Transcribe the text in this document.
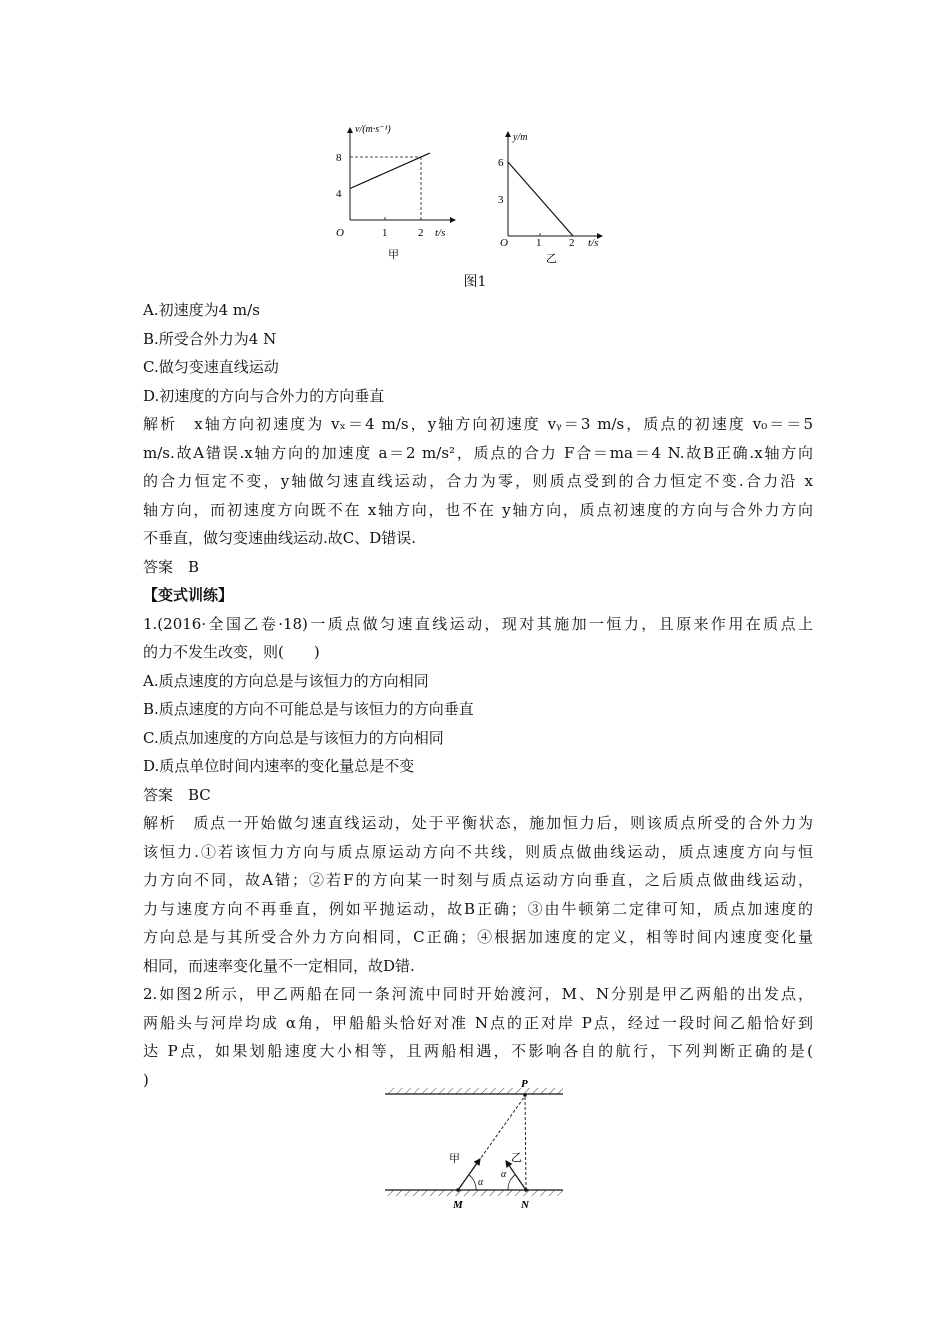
v/(m·s⁻¹)
8
4
O	1	2 t/s
甲
y/m
6
3
O	1	2 t/s
乙
图1
A.初速度为4 m/s
B.所受合外力为4 N
C.做匀变速直线运动
D.初速度的方向与合外力的方向垂直
解析　x轴方向初速度为 vₓ＝4 m/s，y轴方向初速度 vᵧ＝3 m/s，质点的初速度 v₀＝＝5
m/s.故A错误.x轴方向的加速度 a＝2 m/s²，质点的合力 F合＝ma＝4 N.故B正确.x轴方向
的合力恒定不变，y轴做匀速直线运动，合力为零，则质点受到的合力恒定不变.合力沿 x
轴方向，而初速度方向既不在 x轴方向，也不在 y轴方向，质点初速度的方向与合外力方向
不垂直，做匀变速曲线运动.故C、D错误.
答案　B
【变式训练】
1.(2016·全国乙卷·18)一质点做匀速直线运动，现对其施加一恒力，且原来作用在质点上
的力不发生改变，则(　　)
A.质点速度的方向总是与该恒力的方向相同
B.质点速度的方向不可能总是与该恒力的方向垂直
C.质点加速度的方向总是与该恒力的方向相同
D.质点单位时间内速率的变化量总是不变
答案　BC
解析　质点一开始做匀速直线运动，处于平衡状态，施加恒力后，则该质点所受的合外力为
该恒力.①若该恒力方向与质点原运动方向不共线，则质点做曲线运动，质点速度方向与恒
力方向不同，故A错；②若F的方向某一时刻与质点运动方向垂直，之后质点做曲线运动，
力与速度方向不再垂直，例如平抛运动，故B正确；③由牛顿第二定律可知，质点加速度的
方向总是与其所受合外力方向相同，C正确；④根据加速度的定义，相等时间内速度变化量
相同，而速率变化量不一定相同，故D错.
2.如图2所示，甲乙两船在同一条河流中同时开始渡河，M、N分别是甲乙两船的出发点，
两船头与河岸均成 α角，甲船船头恰好对准 N点的正对岸 P点，经过一段时间乙船恰好到
达 P点，如果划船速度大小相等，且两船相遇，不影响各自的航行，下列判断正确的是(
)	P
M	N
甲	乙
α
α
